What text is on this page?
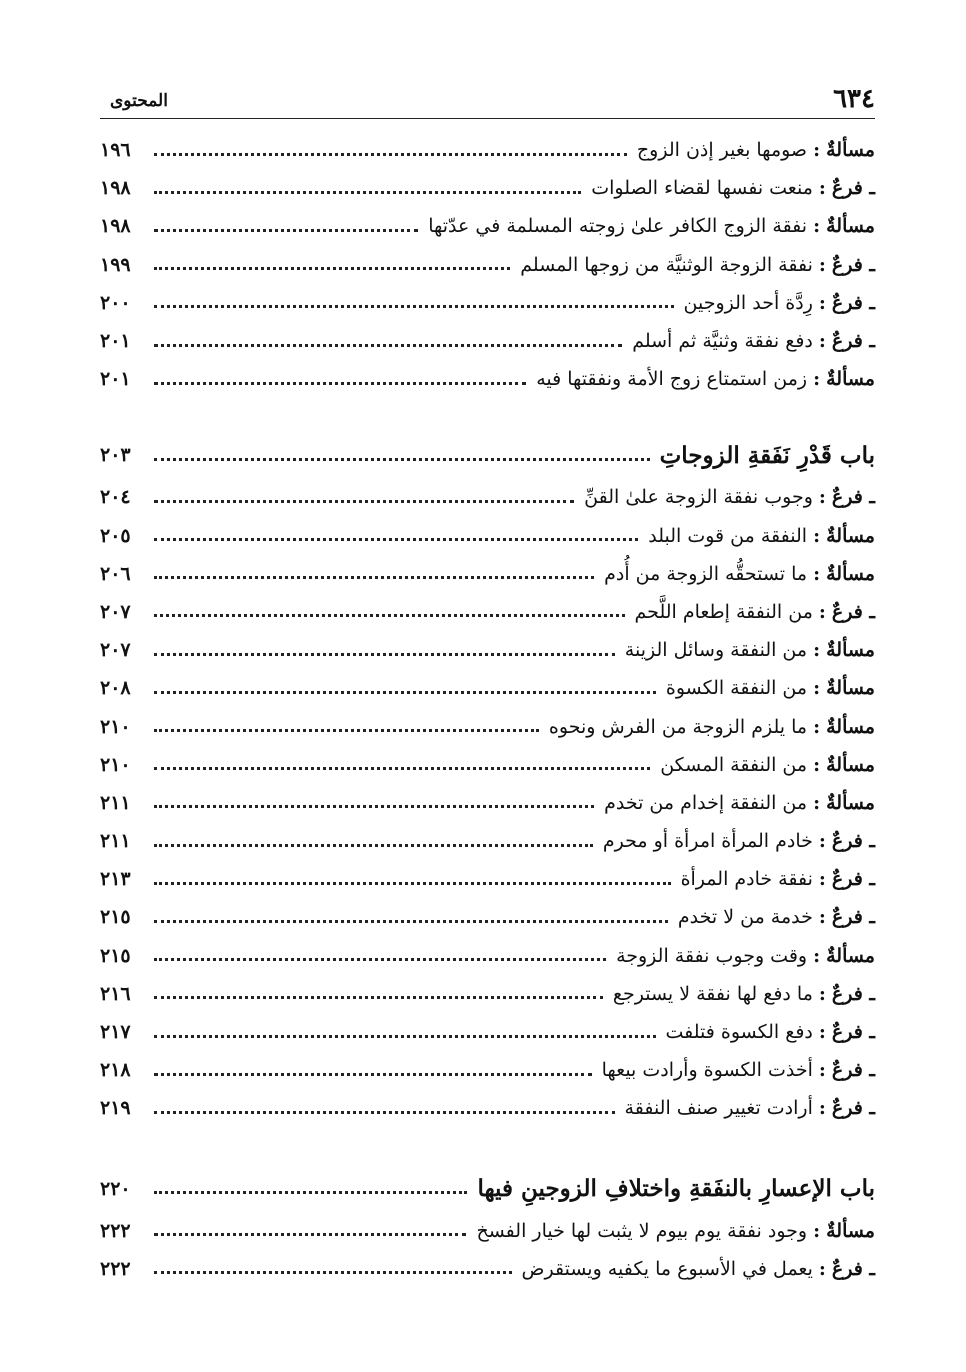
٦٣٤
المحتوى
مسألةٌ
:
صومها بغير إذن الزوج
١٩٦
ـ فرعٌ
:
منعت نفسها لقضاء الصلوات
١٩٨
مسألةٌ
:
نفقة الزوج الكافر علىٰ زوجته المسلمة في عدّتها
١٩٨
ـ فرعٌ
:
نفقة الزوجة الوثنيَّة من زوجها المسلم
١٩٩
ـ فرعٌ
:
رِدَّة أحد الزوجين
٢٠٠
ـ فرعٌ
:
دفع نفقة وثنيَّة ثم أسلم
٢٠١
مسألةٌ
:
زمن استمتاع زوج الأمة ونفقتها فيه
٢٠١
باب قَدْرِ نَفَقةِ الزوجاتِ
٢٠٣
ـ فرعٌ
:
وجوب نفقة الزوجة علىٰ القنِّ
٢٠٤
مسألةٌ
:
النفقة من قوت البلد
٢٠٥
مسألةٌ
:
ما تستحقُّه الزوجة من أُدم
٢٠٦
ـ فرعٌ
:
من النفقة إطعام اللَّحم
٢٠٧
مسألةٌ
:
من النفقة وسائل الزينة
٢٠٧
مسألةٌ
:
من النفقة الكسوة
٢٠٨
مسألةٌ
:
ما يلزم الزوجة من الفرش ونحوه
٢١٠
مسألةٌ
:
من النفقة المسكن
٢١٠
مسألةٌ
:
من النفقة إخدام من تخدم
٢١١
ـ فرعٌ
:
خادم المرأة امرأة أو محرم
٢١١
ـ فرعٌ
:
نفقة خادم المرأة
٢١٣
ـ فرعٌ
:
خدمة من لا تخدم
٢١٥
مسألةٌ
:
وقت وجوب نفقة الزوجة
٢١٥
ـ فرعٌ
:
ما دفع لها نفقة لا يسترجع
٢١٦
ـ فرعٌ
:
دفع الكسوة فتلفت
٢١٧
ـ فرعٌ
:
أخذت الكسوة وأرادت بيعها
٢١٨
ـ فرعٌ
:
أرادت تغيير صنف النفقة
٢١٩
باب الإعسارِ بالنفَقةِ واختلافِ الزوجينِ فيها
٢٢٠
مسألةٌ
:
وجود نفقة يوم بيوم لا يثبت لها خيار الفسخ
٢٢٢
ـ فرعٌ
:
يعمل في الأسبوع ما يكفيه ويستقرض
٢٢٢
